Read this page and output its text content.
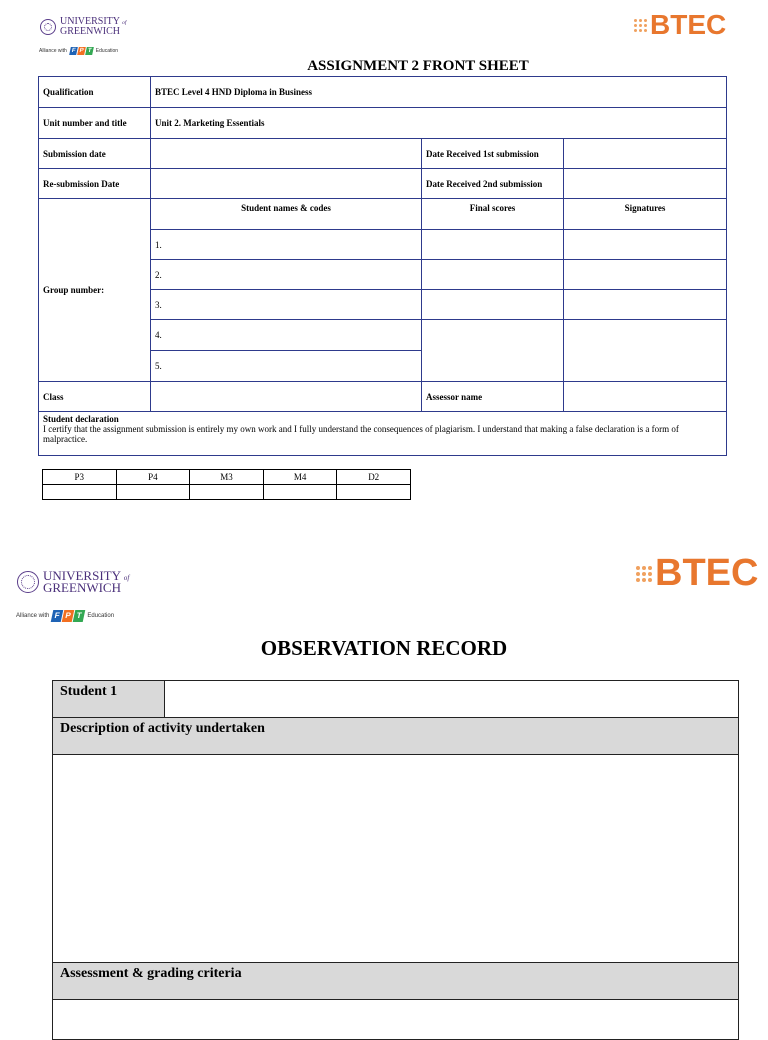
UNIVERSITY of
GREENWICH
Alliance with F P T Education
BTEC
ASSIGNMENT 2 FRONT SHEET
Qualification	BTEC Level 4 HND Diploma in Business		
Unit number and title	Unit 2. Marketing Essentials		
Submission date		Date Received 1st submission	
Re-submission Date		Date Received 2nd submission	
Group number:	Student names & codes	Final scores	Signatures
	1.		
	2.		
	3.		
	4.		
	5.		
Class		Assessor name	

Student declaration
I certify that the assignment submission is entirely my own work and I fully understand the consequences of plagiarism. I understand that making a false declaration is a form of malpractice.			
P3	P4	M3	M4	D2

UNIVERSITY of
GREENWICH
Alliance with F P T Education
BTEC
OBSERVATION RECORD
Student 1	
Description of activity undertaken

Assessment & grading criteria
